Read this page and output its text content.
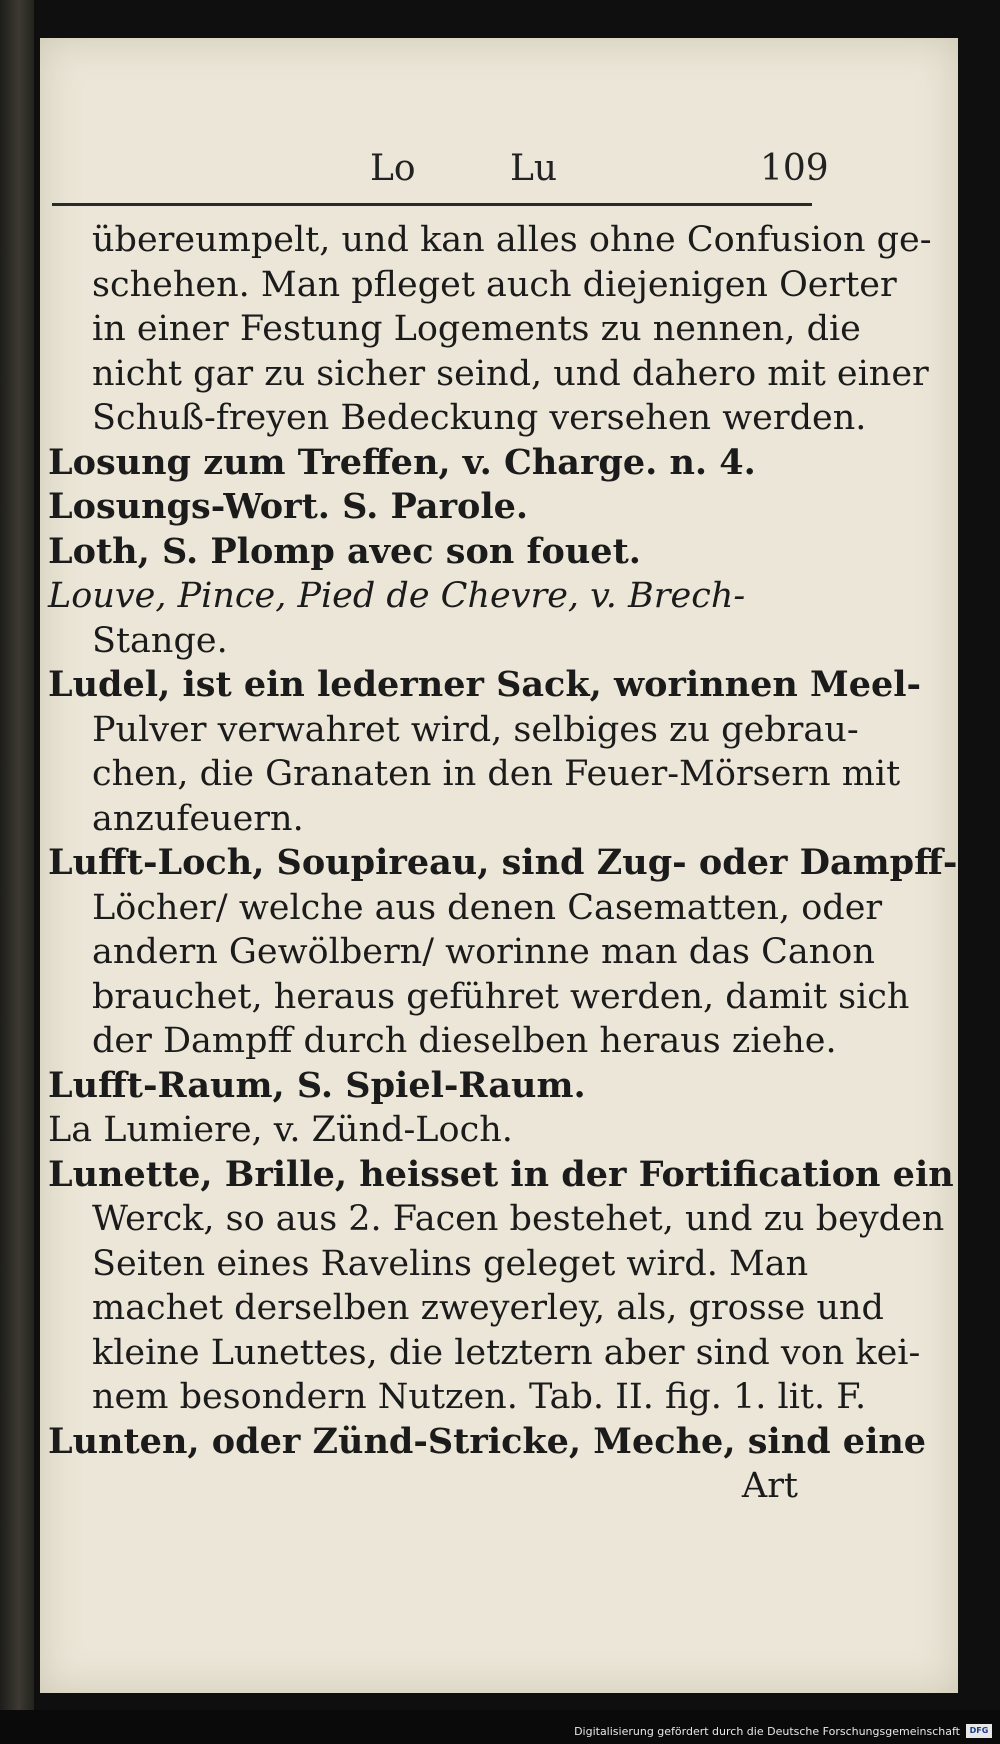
Lo	Lu	109
übereumpelt, und kan alles ohne Confusion ge-
schehen. Man pfleget auch diejenigen Oerter
in einer Festung Logements zu nennen, die
nicht gar zu sicher seind, und dahero mit einer
Schuß-freyen Bedeckung versehen werden.
Losung zum Treffen, v. Charge. n. 4.
Losungs-Wort. S. Parole.
Loth, S. Plomp avec son fouet.
Louve, Pince, Pied de Chevre, v. Brech-
Stange.
Ludel, ist ein lederner Sack, worinnen Meel-
Pulver verwahret wird, selbiges zu gebrau-
chen, die Granaten in den Feuer-Mörsern mit
anzufeuern.
Lufft-Loch, Soupireau, sind Zug- oder Dampff-
Löcher/ welche aus denen Casematten, oder
andern Gewölbern/ worinne man das Canon
brauchet, heraus geführet werden, damit sich
der Dampff durch dieselben heraus ziehe.
Lufft-Raum, S. Spiel-Raum.
La Lumiere, v. Zünd-Loch.
Lunette, Brille, heisset in der Fortification ein
Werck, so aus 2. Facen bestehet, und zu beyden
Seiten eines Ravelins geleget wird. Man
machet derselben zweyerley, als, grosse und
kleine Lunettes, die letztern aber sind von kei-
nem besondern Nutzen. Tab. II. fig. 1. lit. F.
Lunten, oder Zünd-Stricke, Meche, sind eine
Art
Digitalisierung gefördert durch die Deutsche Forschungsgemeinschaft	DFG
